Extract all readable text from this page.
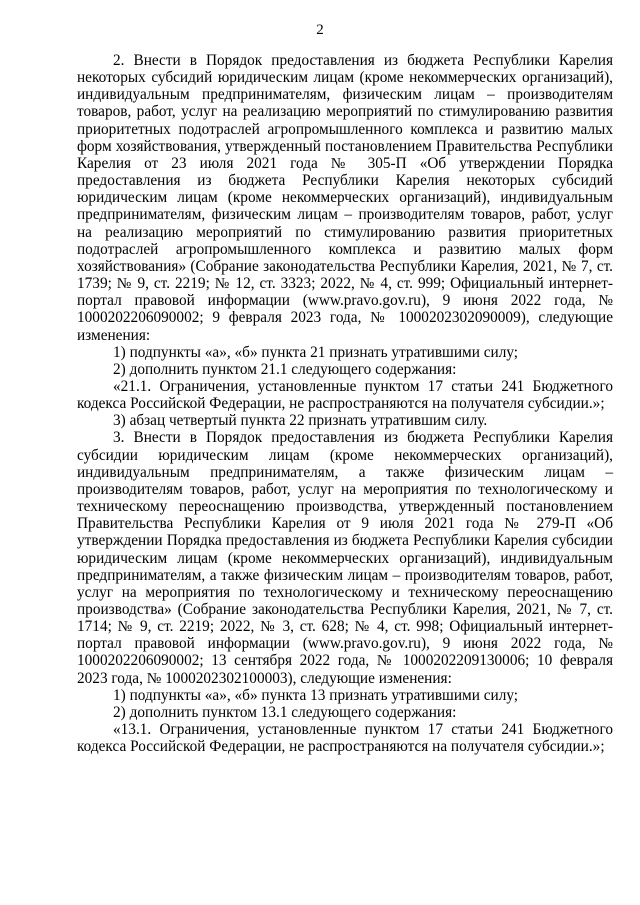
2

2. Внести в Порядок предоставления из бюджета Республики Карелия некоторых субсидий юридическим лицам (кроме некоммерческих организаций), индивидуальным предпринимателям, физическим лицам – производителям товаров, работ, услуг на реализацию мероприятий по стимулированию развития приоритетных подотраслей агропромышленного комплекса и развитию малых форм хозяйствования, утвержденный постановлением Правительства Республики Карелия от 23 июля 2021 года № 305-П «Об утверждении Порядка предоставления из бюджета Республики Карелия некоторых субсидий юридическим лицам (кроме некоммерческих организаций), индивидуальным предпринимателям, физическим лицам – производителям товаров, работ, услуг на реализацию мероприятий по стимулированию развития приоритетных подотраслей агропромышленного комплекса и развитию малых форм хозяйствования» (Собрание законодательства Республики Карелия, 2021, № 7, ст. 1739; № 9, ст. 2219; № 12, ст. 3323; 2022, № 4, ст. 999; Официальный интернет-портал правовой информации (www.pravo.gov.ru), 9 июня 2022 года, № 1000202206090002; 9 февраля 2023 года, № 1000202302090009), следующие изменения:

1) подпункты «а», «б» пункта 21 признать утратившими силу;

2) дополнить пунктом 21.1 следующего содержания:

«21.1. Ограничения, установленные пунктом 17 статьи 241 Бюджетного кодекса Российской Федерации, не распространяются на получателя субсидии.»;

3) абзац четвертый пункта 22 признать утратившим силу.

3. Внести в Порядок предоставления из бюджета Республики Карелия субсидии юридическим лицам (кроме некоммерческих организаций), индивидуальным предпринимателям, а также физическим лицам – производителям товаров, работ, услуг на мероприятия по технологическому и техническому переоснащению производства, утвержденный постановлением Правительства Республики Карелия от 9 июля 2021 года № 279-П «Об утверждении Порядка предоставления из бюджета Республики Карелия субсидии юридическим лицам (кроме некоммерческих организаций), индивидуальным предпринимателям, а также физическим лицам – производителям товаров, работ, услуг на мероприятия по технологическому и техническому переоснащению производства» (Собрание законодательства Республики Карелия, 2021, № 7, ст. 1714; № 9, ст. 2219; 2022, № 3, ст. 628; № 4, ст. 998; Официальный интернет-портал правовой информации (www.pravo.gov.ru), 9 июня 2022 года, № 1000202206090002; 13 сентября 2022 года, № 1000202209130006; 10 февраля 2023 года, № 1000202302100003), следующие изменения:

1) подпункты «а», «б» пункта 13 признать утратившими силу;

2) дополнить пунктом 13.1 следующего содержания:

«13.1. Ограничения, установленные пунктом 17 статьи 241 Бюджетного кодекса Российской Федерации, не распространяются на получателя субсидии.»;
